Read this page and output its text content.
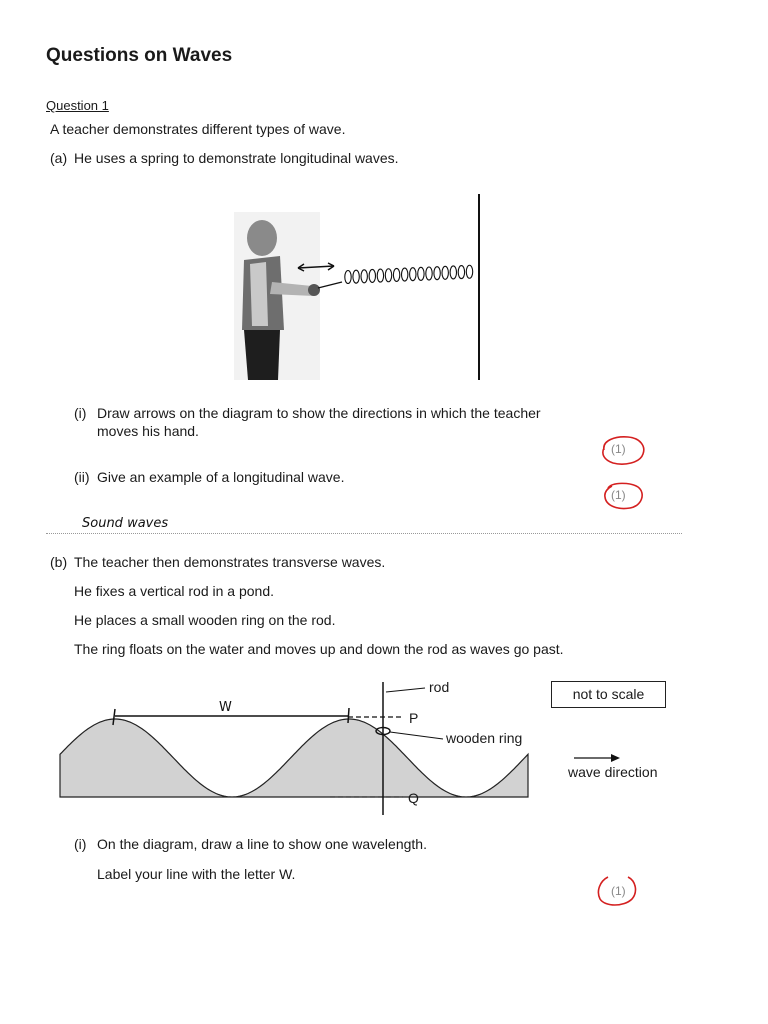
Questions on Waves
Question 1
A teacher demonstrates different types of wave.
(a) He uses a spring to demonstrate longitudinal waves.
(i) Draw arrows on the diagram to show the directions in which the teacher
moves his hand.
(1)
(ii) Give an example of a longitudinal wave.
(1)
Sound waves
(b) The teacher then demonstrates transverse waves.
He fixes a vertical rod in a pond.
He places a small wooden ring on the rod.
The ring floats on the water and moves up and down the rod as waves go past.
rod
P
Q
wooden ring
W
not to scale
wave direction
(i) On the diagram, draw a line to show one wavelength.
Label your line with the letter W.
(1)
